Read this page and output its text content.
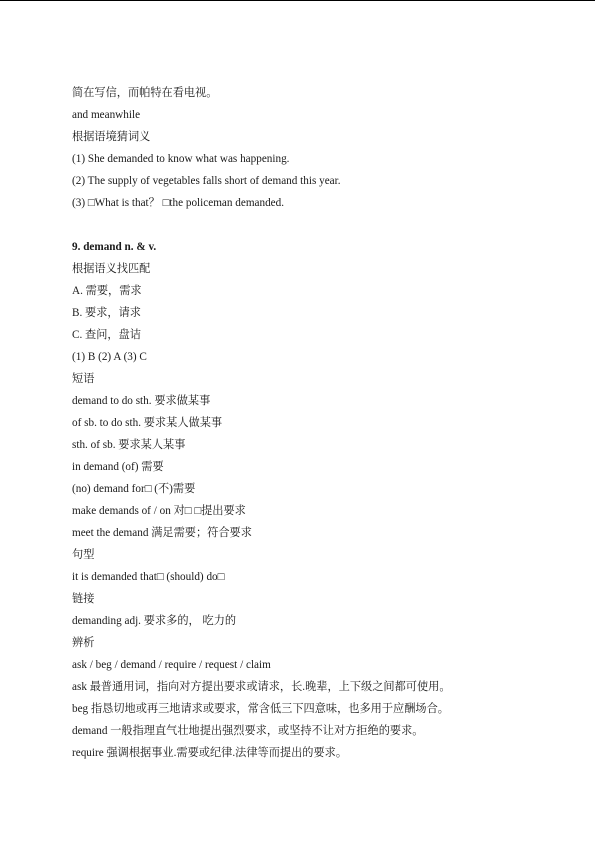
简在写信，而帕特在看电视。
and meanwhile
根据语境猜词义
(1) She demanded to know what was happening.
(2) The supply of vegetables falls short of demand this year.
(3) □What is that？ □the policeman demanded.
9. demand n. & v.
根据语义找匹配
A. 需要，需求
B. 要求，请求
C. 查问，盘诘
(1) B (2) A (3) C
短语
demand to do sth. 要求做某事
of sb. to do sth. 要求某人做某事
sth. of sb. 要求某人某事
in demand (of) 需要
(no) demand for□ (不)需要
make demands of / on 对□ □提出要求
meet the demand 满足需要；符合要求
句型
it is demanded that□ (should) do□
链接
demanding adj. 要求多的， 吃力的
辨析
ask / beg / demand / require / request / claim
ask 最普通用词，指向对方提出要求或请求，长.晚辈，上下级之间都可使用。
beg 指恳切地或再三地请求或要求，常含低三下四意味，也多用于应酬场合。
demand 一般指理直气壮地提出强烈要求，或坚持不让对方拒绝的要求。
require 强调根据事业.需要或纪律.法律等而提出的要求。
